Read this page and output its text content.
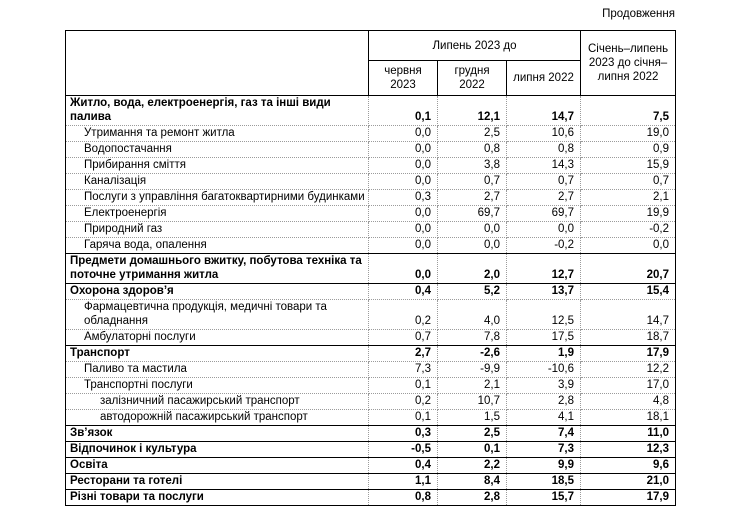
Продовження
	Липень 2023 до			Січень–липень 2023 до січня–липня 2022
	червня 2023	грудня 2022	липня 2022	
Житло, вода, електроенергія, газ та інші види палива	0,1	12,1	14,7	7,5
Утримання та ремонт житла	0,0	2,5	10,6	19,0
Водопостачання	0,0	0,8	0,8	0,9
Прибирання сміття	0,0	3,8	14,3	15,9
Каналізація	0,0	0,7	0,7	0,7
Послуги з управління багатоквартирними будинками	0,3	2,7	2,7	2,1
Електроенергія	0,0	69,7	69,7	19,9
Природний газ	0,0	0,0	0,0	-0,2
Гаряча вода, опалення	0,0	0,0	-0,2	0,0
Предмети домашнього вжитку, побутова техніка та поточне утримання житла	0,0	2,0	12,7	20,7
Охорона здоров’я	0,4	5,2	13,7	15,4
Фармацевтична продукція, медичні товари та обладнання	0,2	4,0	12,5	14,7
Амбулаторні послуги	0,7	7,8	17,5	18,7
Транспорт	2,7	-2,6	1,9	17,9
Паливо та мастила	7,3	-9,9	-10,6	12,2
Транспортні послуги	0,1	2,1	3,9	17,0
залізничний пасажирський транспорт	0,2	10,7	2,8	4,8
автодорожній пасажирський транспорт	0,1	1,5	4,1	18,1
Зв’язок	0,3	2,5	7,4	11,0
Відпочинок і культура	-0,5	0,1	7,3	12,3
Освіта	0,4	2,2	9,9	9,6
Ресторани та готелі	1,1	8,4	18,5	21,0
Різні товари та послуги	0,8	2,8	15,7	17,9
